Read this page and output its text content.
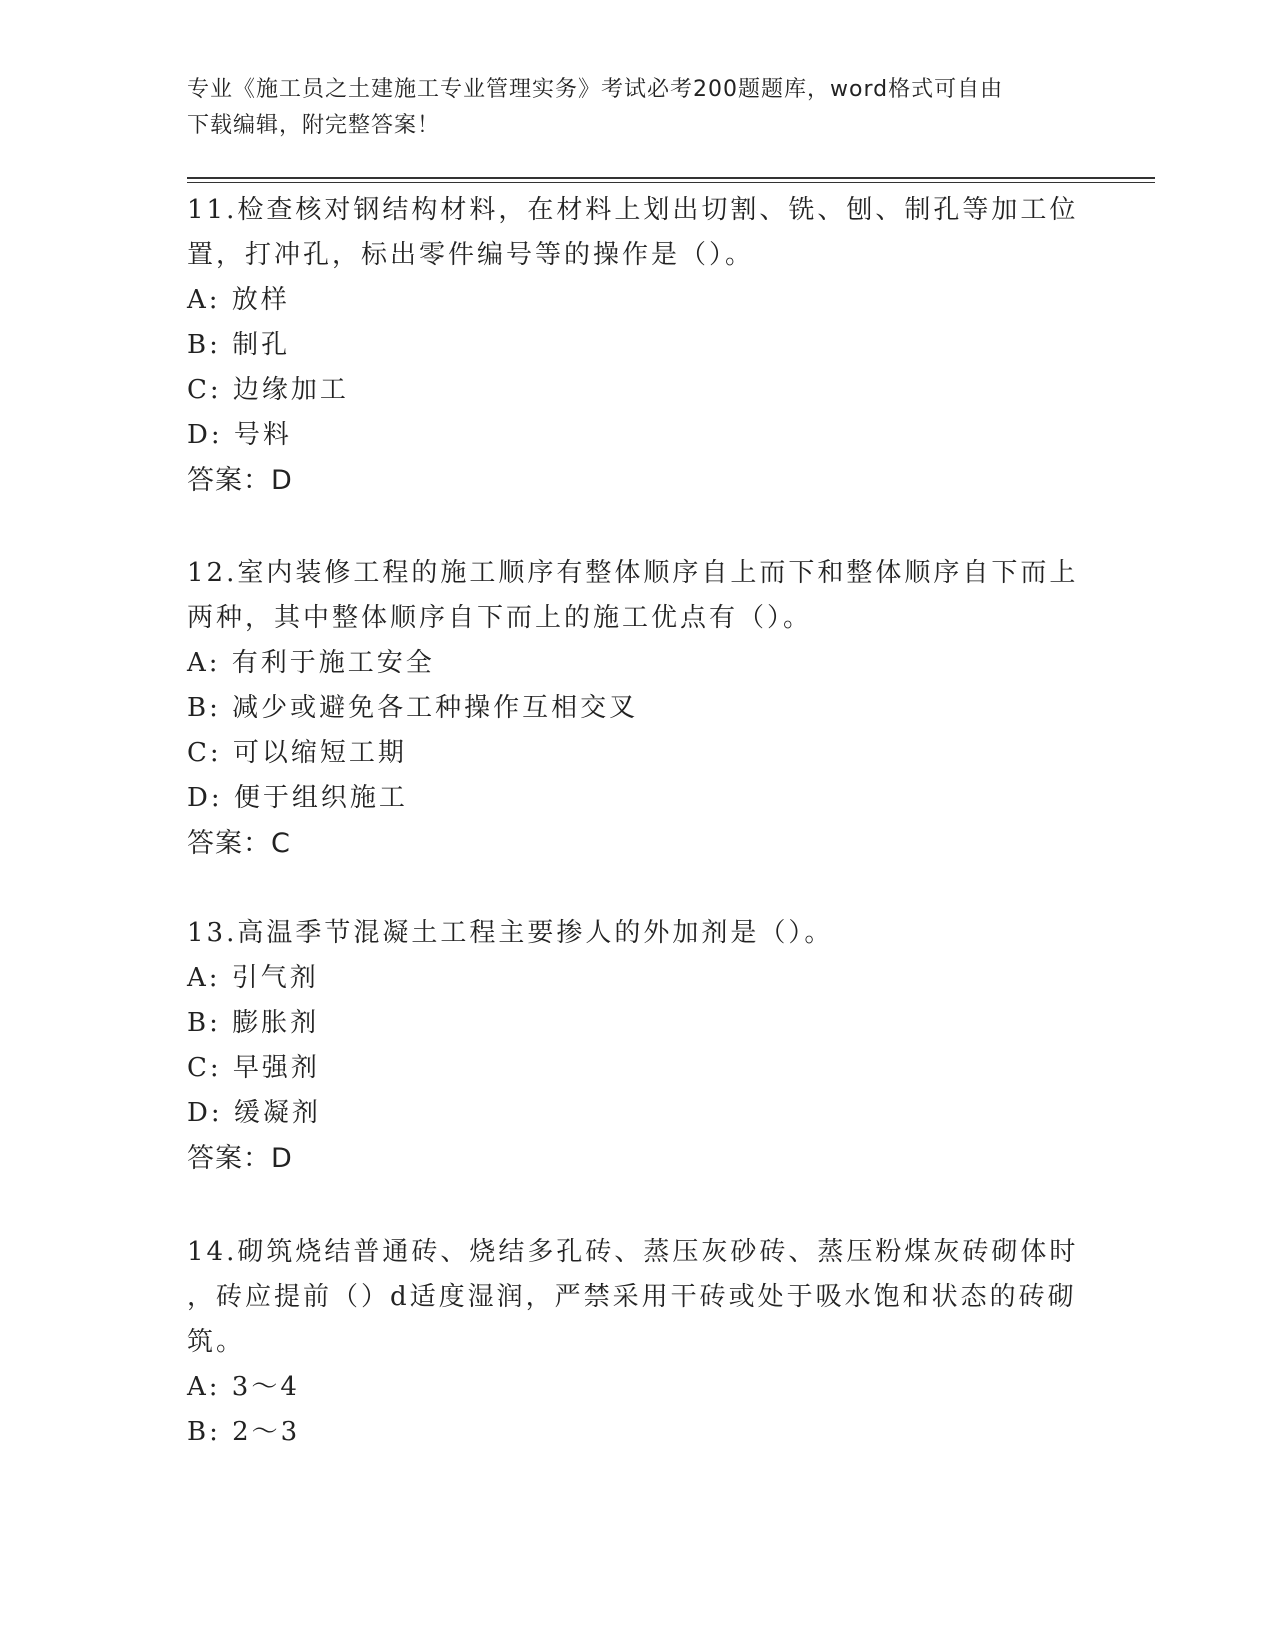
专业《施工员之土建施工专业管理实务》考试必考200题题库，word格式可自由
下载编辑，附完整答案！

11.检查核对钢结构材料，在材料上划出切割、铣、刨、制孔等加工位

置，打冲孔，标出零件编号等的操作是（）。

A: 放样

B: 制孔

C: 边缘加工

D: 号料

答案：D

12.室内装修工程的施工顺序有整体顺序自上而下和整体顺序自下而上

两种，其中整体顺序自下而上的施工优点有（）。

A: 有利于施工安全

B: 减少或避免各工种操作互相交叉

C: 可以缩短工期

D: 便于组织施工

答案：C

13.高温季节混凝土工程主要掺人的外加剂是（）。

A: 引气剂

B: 膨胀剂

C: 早强剂

D: 缓凝剂

答案：D

14.砌筑烧结普通砖、烧结多孔砖、蒸压灰砂砖、蒸压粉煤灰砖砌体时

，砖应提前（）d适度湿润，严禁采用干砖或处于吸水饱和状态的砖砌

筑。

A: 3～4

B: 2～3
